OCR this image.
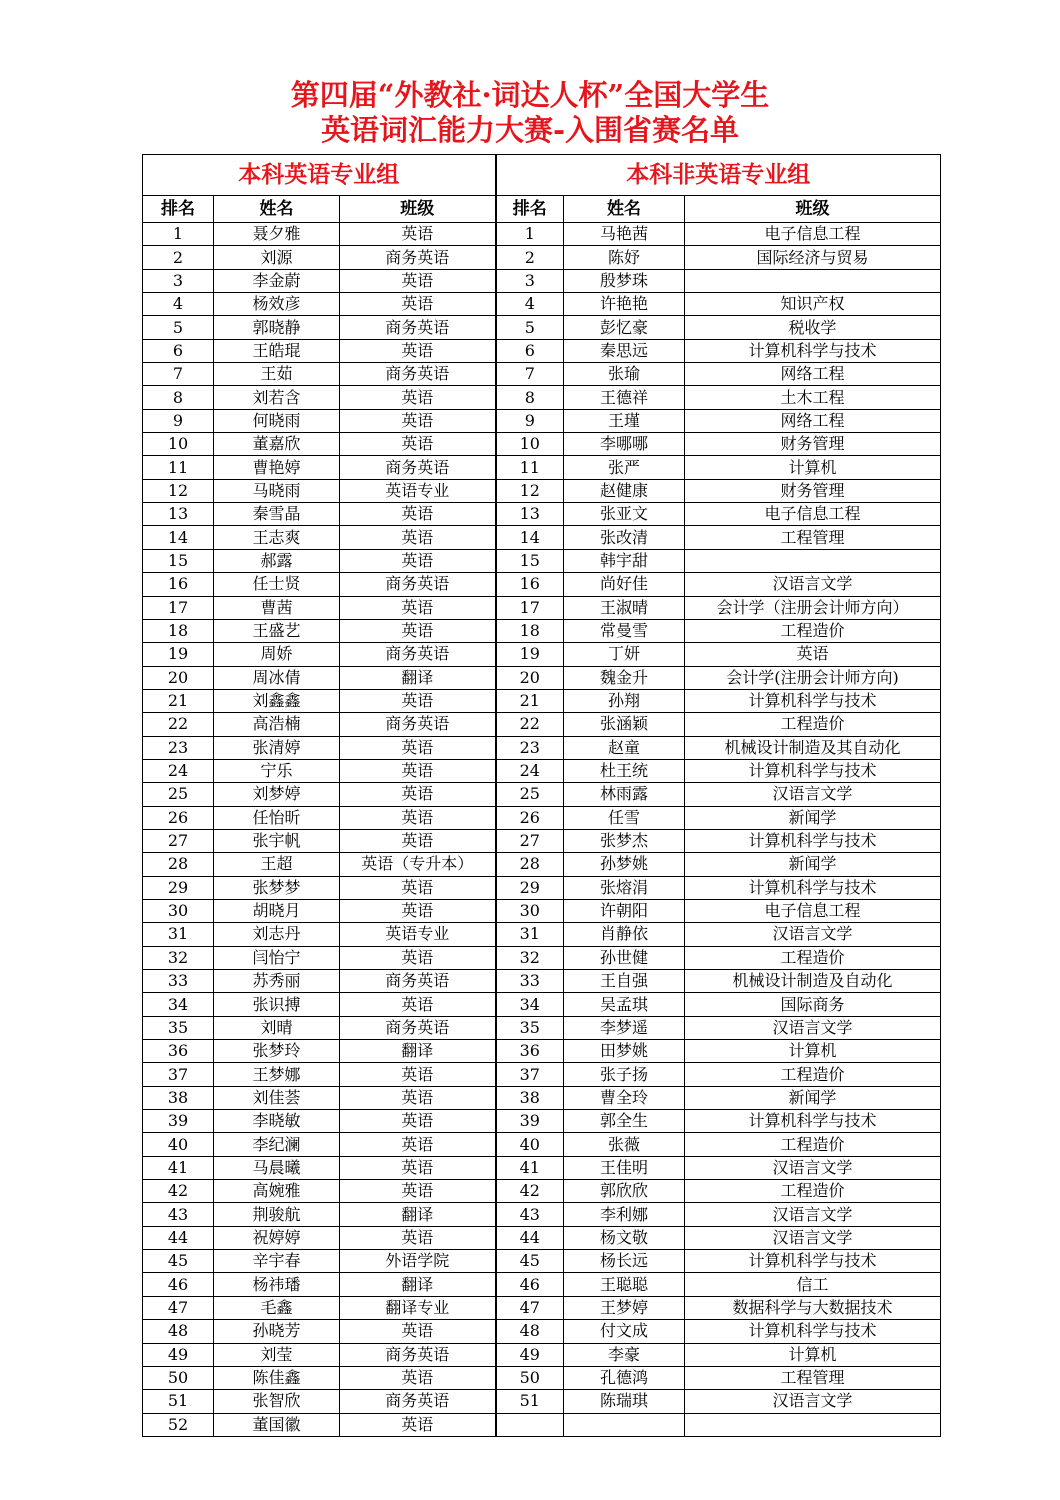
第四届“外教社·词达人杯”全国大学生
英语词汇能力大赛-入围省赛名单
本科英语专业组			本科非英语专业组		
排名	姓名	班级	排名	姓名	班级
1	聂夕雅	英语	1	马艳茜	电子信息工程
2	刘源	商务英语	2	陈妤	国际经济与贸易
3	李金蔚	英语	3	殷梦珠	
4	杨效彦	英语	4	许艳艳	知识产权
5	郭晓静	商务英语	5	彭忆豪	税收学
6	王皓琨	英语	6	秦思远	计算机科学与技术
7	王茹	商务英语	7	张瑜	网络工程
8	刘若含	英语	8	王德祥	土木工程
9	何晓雨	英语	9	王瑾	网络工程
10	董嘉欣	英语	10	李哪哪	财务管理
11	曹艳婷	商务英语	11	张严	计算机
12	马晓雨	英语专业	12	赵健康	财务管理
13	秦雪晶	英语	13	张亚文	电子信息工程
14	王志爽	英语	14	张改清	工程管理
15	郝露	英语	15	韩宇甜	
16	任士贤	商务英语	16	尚好佳	汉语言文学
17	曹茜	英语	17	王淑晴	会计学（注册会计师方向）
18	王盛艺	英语	18	常曼雪	工程造价
19	周娇	商务英语	19	丁妍	英语
20	周冰倩	翻译	20	魏金升	会计学(注册会计师方向)
21	刘鑫鑫	英语	21	孙翔	计算机科学与技术
22	高浩楠	商务英语	22	张涵颖	工程造价
23	张清婷	英语	23	赵童	机械设计制造及其自动化
24	宁乐	英语	24	杜王统	计算机科学与技术
25	刘梦婷	英语	25	林雨露	汉语言文学
26	任怡昕	英语	26	任雪	新闻学
27	张宇帆	英语	27	张梦杰	计算机科学与技术
28	王超	英语（专升本）	28	孙梦姚	新闻学
29	张梦梦	英语	29	张熔涓	计算机科学与技术
30	胡晓月	英语	30	许朝阳	电子信息工程
31	刘志丹	英语专业	31	肖静依	汉语言文学
32	闫怡宁	英语	32	孙世健	工程造价
33	苏秀丽	商务英语	33	王自强	机械设计制造及自动化
34	张识搏	英语	34	吴孟琪	国际商务
35	刘晴	商务英语	35	李梦遥	汉语言文学
36	张梦玲	翻译	36	田梦姚	计算机
37	王梦娜	英语	37	张子扬	工程造价
38	刘佳荟	英语	38	曹全玲	新闻学
39	李晓敏	英语	39	郭全生	计算机科学与技术
40	李纪澜	英语	40	张薇	工程造价
41	马晨曦	英语	41	王佳明	汉语言文学
42	高婉雅	英语	42	郭欣欣	工程造价
43	荆骏航	翻译	43	李利娜	汉语言文学
44	祝婷婷	英语	44	杨文敬	汉语言文学
45	辛宇春	外语学院	45	杨长远	计算机科学与技术
46	杨祎璠	翻译	46	王聪聪	信工
47	毛鑫	翻译专业	47	王梦婷	数据科学与大数据技术
48	孙晓芳	英语	48	付文成	计算机科学与技术
49	刘莹	商务英语	49	李豪	计算机
50	陈佳鑫	英语	50	孔德鸿	工程管理
51	张智欣	商务英语	51	陈瑞琪	汉语言文学
52	董国徽	英语			
